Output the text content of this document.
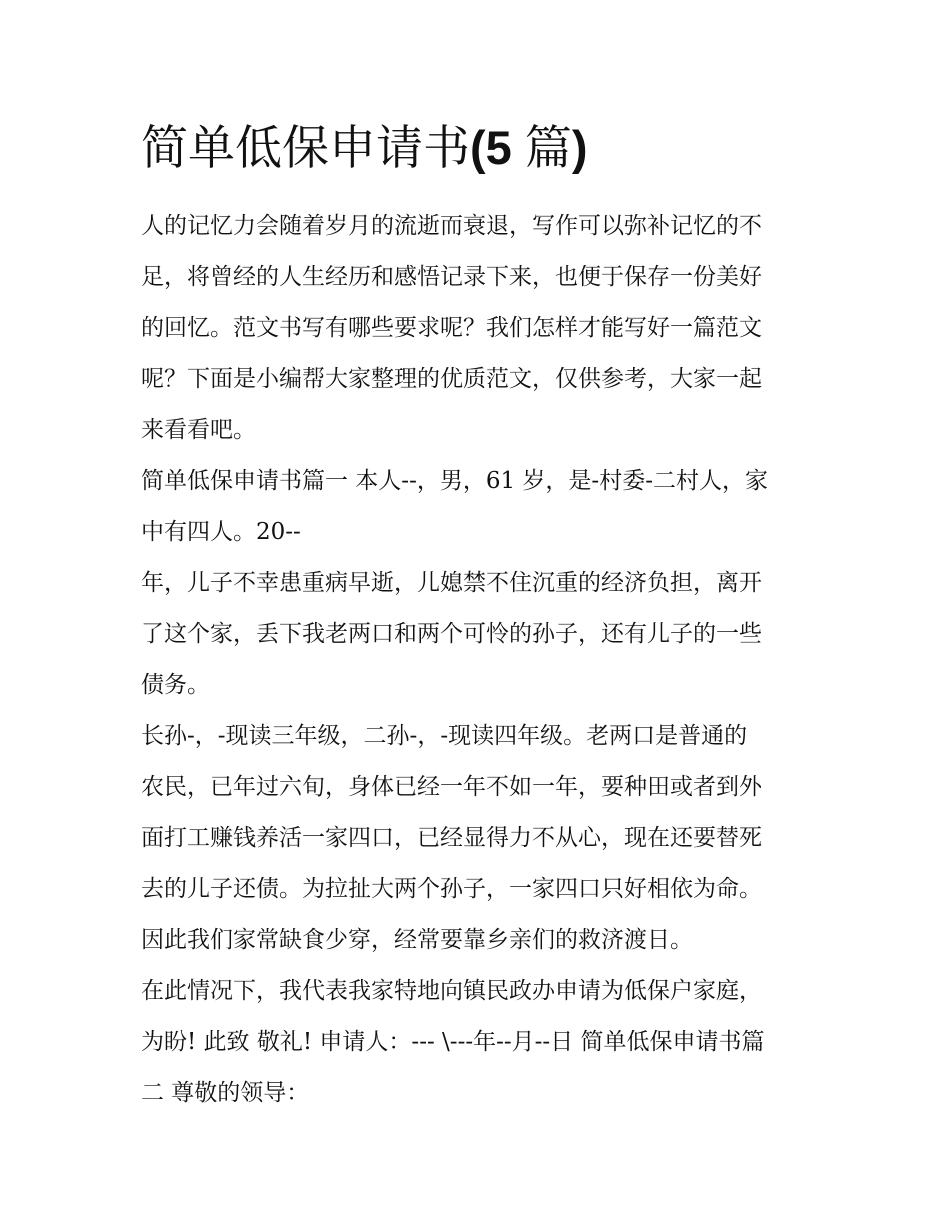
简单低保申请书(5 篇)

人的记忆力会随着岁月的流逝而衰退，写作可以弥补记忆的不
足，将曾经的人生经历和感悟记录下来，也便于保存一份美好
的回忆。范文书写有哪些要求呢？我们怎样才能写好一篇范文
呢？下面是小编帮大家整理的优质范文，仅供参考，大家一起
来看看吧。

简单低保申请书篇一 本人--，男，61 岁，是-村委-二村人，家
中有四人。20--

年，儿子不幸患重病早逝，儿媳禁不住沉重的经济负担，离开
了这个家，丢下我老两口和两个可怜的孙子，还有儿子的一些
债务。

长孙-，-现读三年级，二孙-，-现读四年级。老两口是普通的
农民，已年过六旬，身体已经一年不如一年，要种田或者到外
面打工赚钱养活一家四口，已经显得力不从心，现在还要替死
去的儿子还债。为拉扯大两个孙子，一家四口只好相依为命。
因此我们家常缺食少穿，经常要靠乡亲们的救济渡日。

在此情况下，我代表我家特地向镇民政办申请为低保户家庭，
为盼! 此致 敬礼! 申请人：--- \---年--月--日 简单低保申请书篇
二 尊敬的领导：
